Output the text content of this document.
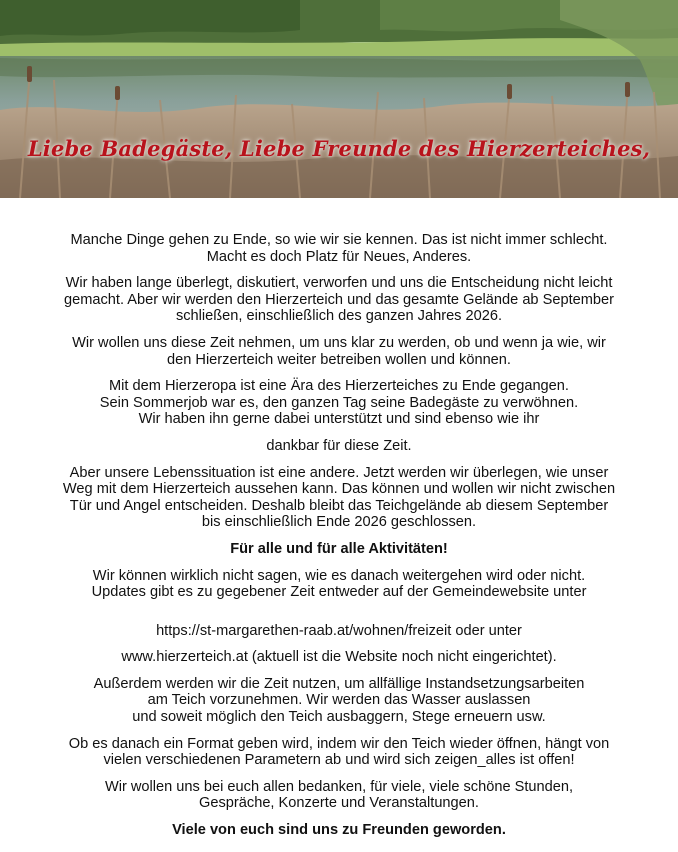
Liebe Badegäste, Liebe Freunde des Hierzerteiches,

Manche Dinge gehen zu Ende, so wie wir sie kennen. Das ist nicht immer schlecht.
Macht es doch Platz für Neues, Anderes.

Wir haben lange überlegt, diskutiert, verworfen und uns die Entscheidung nicht leicht
gemacht. Aber wir werden den Hierzerteich und das gesamte Gelände ab September
schließen, einschließlich des ganzen Jahres 2026.

Wir wollen uns diese Zeit nehmen, um uns klar zu werden, ob und wenn ja wie, wir
den Hierzerteich weiter betreiben wollen und können.

Mit dem Hierzeropa ist eine Ära des Hierzerteiches zu Ende gegangen.
Sein Sommerjob war es, den ganzen Tag seine Badegäste zu verwöhnen.
Wir haben ihn gerne dabei unterstützt und sind ebenso wie ihr

dankbar für diese Zeit.

Aber unsere Lebenssituation ist eine andere. Jetzt werden wir überlegen, wie unser
Weg mit dem Hierzerteich aussehen kann. Das können und wollen wir nicht zwischen
Tür und Angel entscheiden. Deshalb bleibt das Teichgelände ab diesem September
bis einschließlich Ende 2026 geschlossen.

Für alle und für alle Aktivitäten!

Wir können wirklich nicht sagen, wie es danach weitergehen wird oder nicht.
Updates gibt es zu gegebener Zeit entweder auf der Gemeindewebsite unter

https://st-margarethen-raab.at/wohnen/freizeit oder unter

www.hierzerteich.at (aktuell ist die Website noch nicht eingerichtet).

Außerdem werden wir die Zeit nutzen, um allfällige Instandsetzungsarbeiten
am Teich vorzunehmen. Wir werden das Wasser auslassen
und soweit möglich den Teich ausbaggern, Stege erneuern usw.

Ob es danach ein Format geben wird, indem wir den Teich wieder öffnen, hängt von
vielen verschiedenen Parametern ab und wird sich zeigen_alles ist offen!

Wir wollen uns bei euch allen bedanken, für viele, viele schöne Stunden,
Gespräche, Konzerte und Veranstaltungen.

Viele von euch sind uns zu Freunden geworden.
